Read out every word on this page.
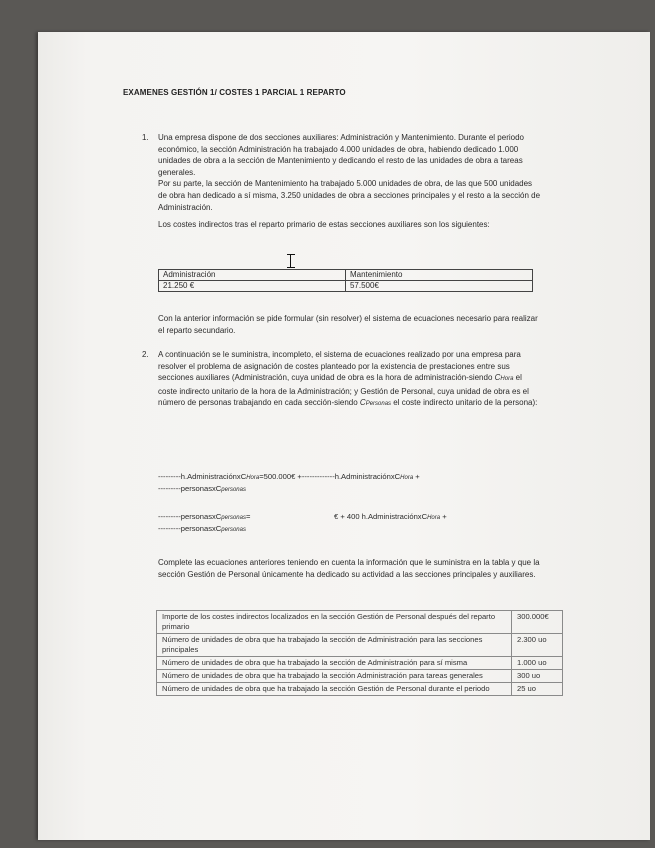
EXAMENES GESTIÓN 1/ COSTES 1 PARCIAL 1 REPARTO
1. Una empresa dispone de dos secciones auxiliares: Administración y Mantenimiento. Durante el periodo económico, la sección Administración ha trabajado 4.000 unidades de obra, habiendo dedicado 1.000 unidades de obra a la sección de Mantenimiento y dedicando el resto de las unidades de obra a tareas generales.

Por su parte, la sección de Mantenimiento ha trabajado 5.000 unidades de obra, de las que 500 unidades de obra han dedicado a sí misma, 3.250 unidades de obra a secciones principales y el resto a la sección de Administración.

Los costes indirectos tras el reparto primario de estas secciones auxiliares son los siguientes:

Administración	Mantenimiento
21.250 €	57.500€

Con la anterior información se pide formular (sin resolver) el sistema de ecuaciones necesario para realizar el reparto secundario.

2. A continuación se le suministra, incompleto, el sistema de ecuaciones realizado por una empresa para resolver el problema de asignación de costes planteado por la existencia de prestaciones entre sus secciones auxiliares (Administración, cuya unidad de obra es la hora de administración-siendo CHora el coste indirecto unitario de la hora de la Administración; y Gestión de Personal, cuya unidad de obra es el número de personas trabajando en cada sección-siendo CPersonas el coste indirecto unitario de la persona):

---------h.AdministraciónxCHora=500.000€ +-------------h.AdministraciónxCHora +
---------personasxCpersonas
---------personasxCpersonas=	€ + 400 h.AdministraciónxCHora +
---------personasxCpersonas

Complete las ecuaciones anteriores teniendo en cuenta la información que le suministra en la tabla y que la sección Gestión de Personal únicamente ha dedicado su actividad a las secciones principales y auxiliares.

Importe de los costes indirectos localizados en la sección Gestión de Personal después del reparto primario	300.000€
Número de unidades de obra que ha trabajado la sección de Administración para las secciones principales	2.300 uo
Número de unidades de obra que ha trabajado la sección de Administración para sí misma	1.000 uo
Número de unidades de obra que ha trabajado la sección Administración para tareas generales	300 uo
Número de unidades de obra que ha trabajado la sección Gestión de Personal durante el periodo	25 uo
